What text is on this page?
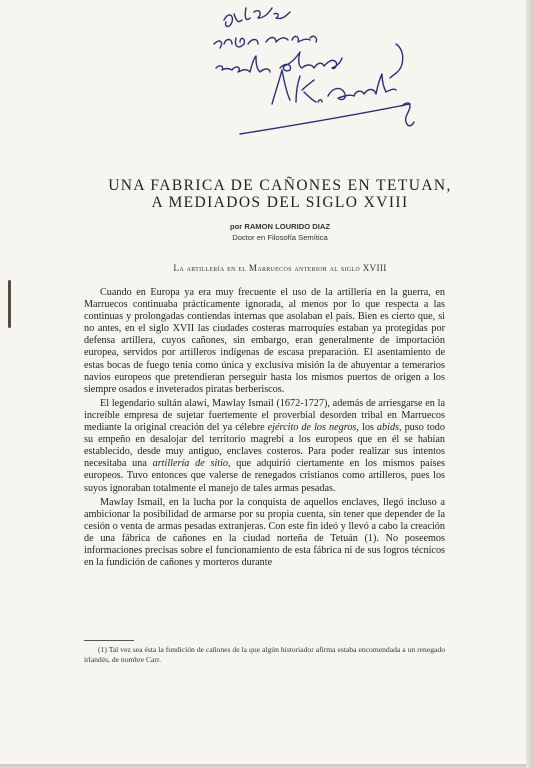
UNA FABRICA DE CAÑONES EN TETUAN,
A MEDIADOS DEL SIGLO XVIII
por RAMON LOURIDO DIAZ
Doctor en Filosofía Semítica
La artillería en el Marruecos anterior al siglo XVIII

Cuando en Europa ya era muy frecuente el uso de la artillería en la guerra, en Marruecos continuaba prácticamente ignorada, al menos por lo que respecta a las continuas y prolongadas contiendas internas que asolaban el país. Bien es cierto que, si no antes, en el siglo XVII las ciudades costeras marroquíes estaban ya protegidas por defensa artillera, cuyos cañones, sin embargo, eran generalmente de importación europea, servidos por artilleros indígenas de escasa preparación. El asentamiento de estas bocas de fuego tenía como única y exclusiva misión la de ahuyentar a temerarios navíos europeos que pretendieran perseguir hasta los mismos puertos de origen a los siempre osados e inveterados piratas berberiscos.

El legendario sultán alawí, Mawlay Ismail (1672-1727), además de arriesgarse en la increíble empresa de sujetar fuertemente el proverbial desorden tribal en Marruecos mediante la original creación del ya célebre ejército de los negros, los abids, puso todo su empeño en desalojar del territorio magrebí a los europeos que en él se habían establecido, desde muy antiguo, enclaves costeros. Para poder realizar sus intentos necesitaba una artillería de sitio, que adquirió ciertamente en los mismos países europeos. Tuvo entonces que valerse de renegados cristianos como artilleros, pues los suyos ignoraban totalmente el manejo de tales armas pesadas.

Mawlay Ismail, en la lucha por la conquista de aquellos enclaves, llegó incluso a ambicionar la posibilidad de armarse por su propia cuenta, sin tener que depender de la cesión o venta de armas pesadas extranjeras. Con este fin ideó y llevó a cabo la creación de una fábrica de cañones en la ciudad norteña de Tetuán (1). No poseemos informaciones precisas sobre el funcionamiento de esta fábrica ni de sus logros técnicos en la fundición de cañones y morteros durante

(1) Tal vez sea ésta la fundición de cañones de la que algún historiador afirma estaba encomendada a un renegado irlandés, de nombre Carr.
